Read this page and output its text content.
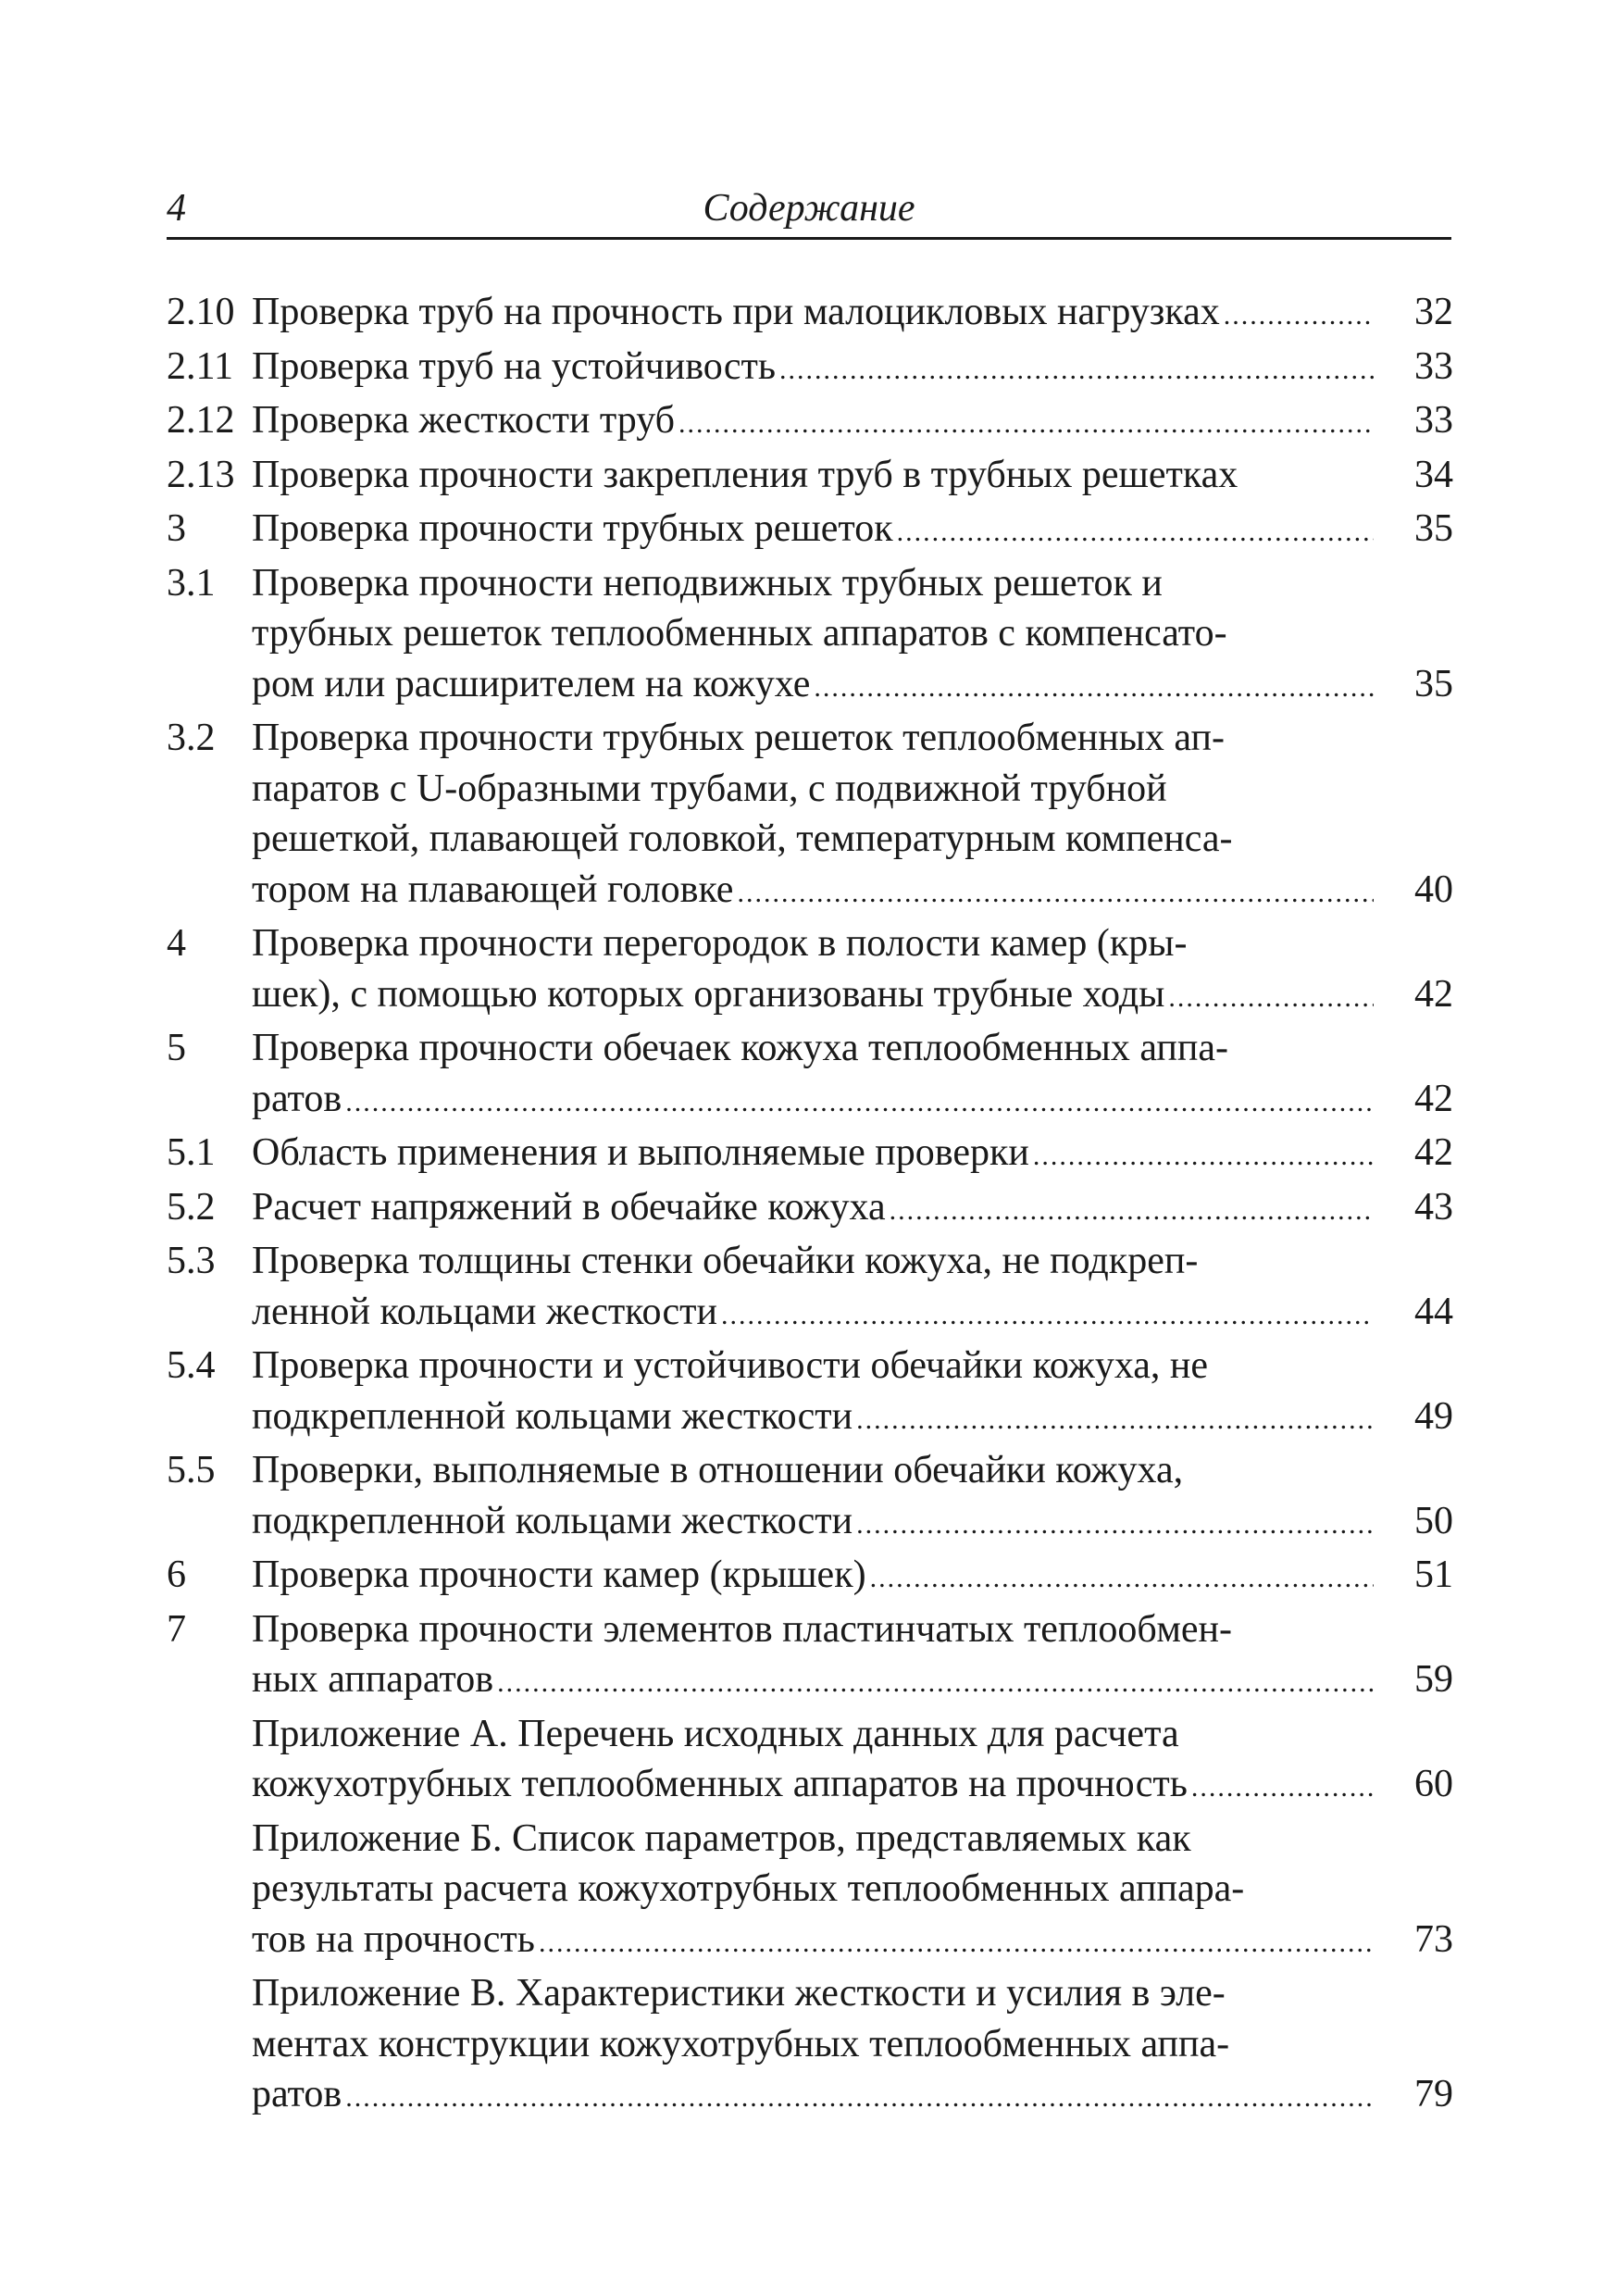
4	Содержание
2.10 Проверка труб на прочность при малоцикловых нагрузках .....	32
2.11 Проверка труб на устойчивость .....	33
2.12 Проверка жесткости труб .....	33
2.13 Проверка прочности закрепления труб в трубных решетках	34
3	Проверка прочности трубных решеток .....	35
3.1 Проверка прочности неподвижных трубных решеток и
трубных решеток теплообменных аппаратов с компенсато-
ром или расширителем на кожухе .....	35
3.2 Проверка прочности трубных решеток теплообменных ап-
паратов с U-образными трубами, с подвижной трубной
решеткой, плавающей головкой, температурным компенса-
тором на плавающей головке .....	40
4	Проверка прочности перегородок в полости камер (кры-
шек), с помощью которых организованы трубные ходы .....	42
5	Проверка прочности обечаек кожуха теплообменных аппа-
ратов .....	42
5.1 Область применения и выполняемые проверки .....	42
5.2 Расчет напряжений в обечайке кожуха .....	43
5.3 Проверка толщины стенки обечайки кожуха, не подкреп-
ленной кольцами жесткости .....	44
5.4 Проверка прочности и устойчивости обечайки кожуха, не
подкрепленной кольцами жесткости .....	49
5.5 Проверки, выполняемые в отношении обечайки кожуха,
подкрепленной кольцами жесткости .....	50
6	Проверка прочности камер (крышек) .....	51
7	Проверка прочности элементов пластинчатых теплообмен-
ных аппаратов .....	59
Приложение А. Перечень исходных данных для расчета
кожухотрубных теплообменных аппаратов на прочность .....	60
Приложение Б. Список параметров, представляемых как
результаты расчета кожухотрубных теплообменных аппара-
тов на прочность .....	73
Приложение В. Характеристики жесткости и усилия в эле-
ментах конструкции кожухотрубных теплообменных аппа-
ратов .....	79
